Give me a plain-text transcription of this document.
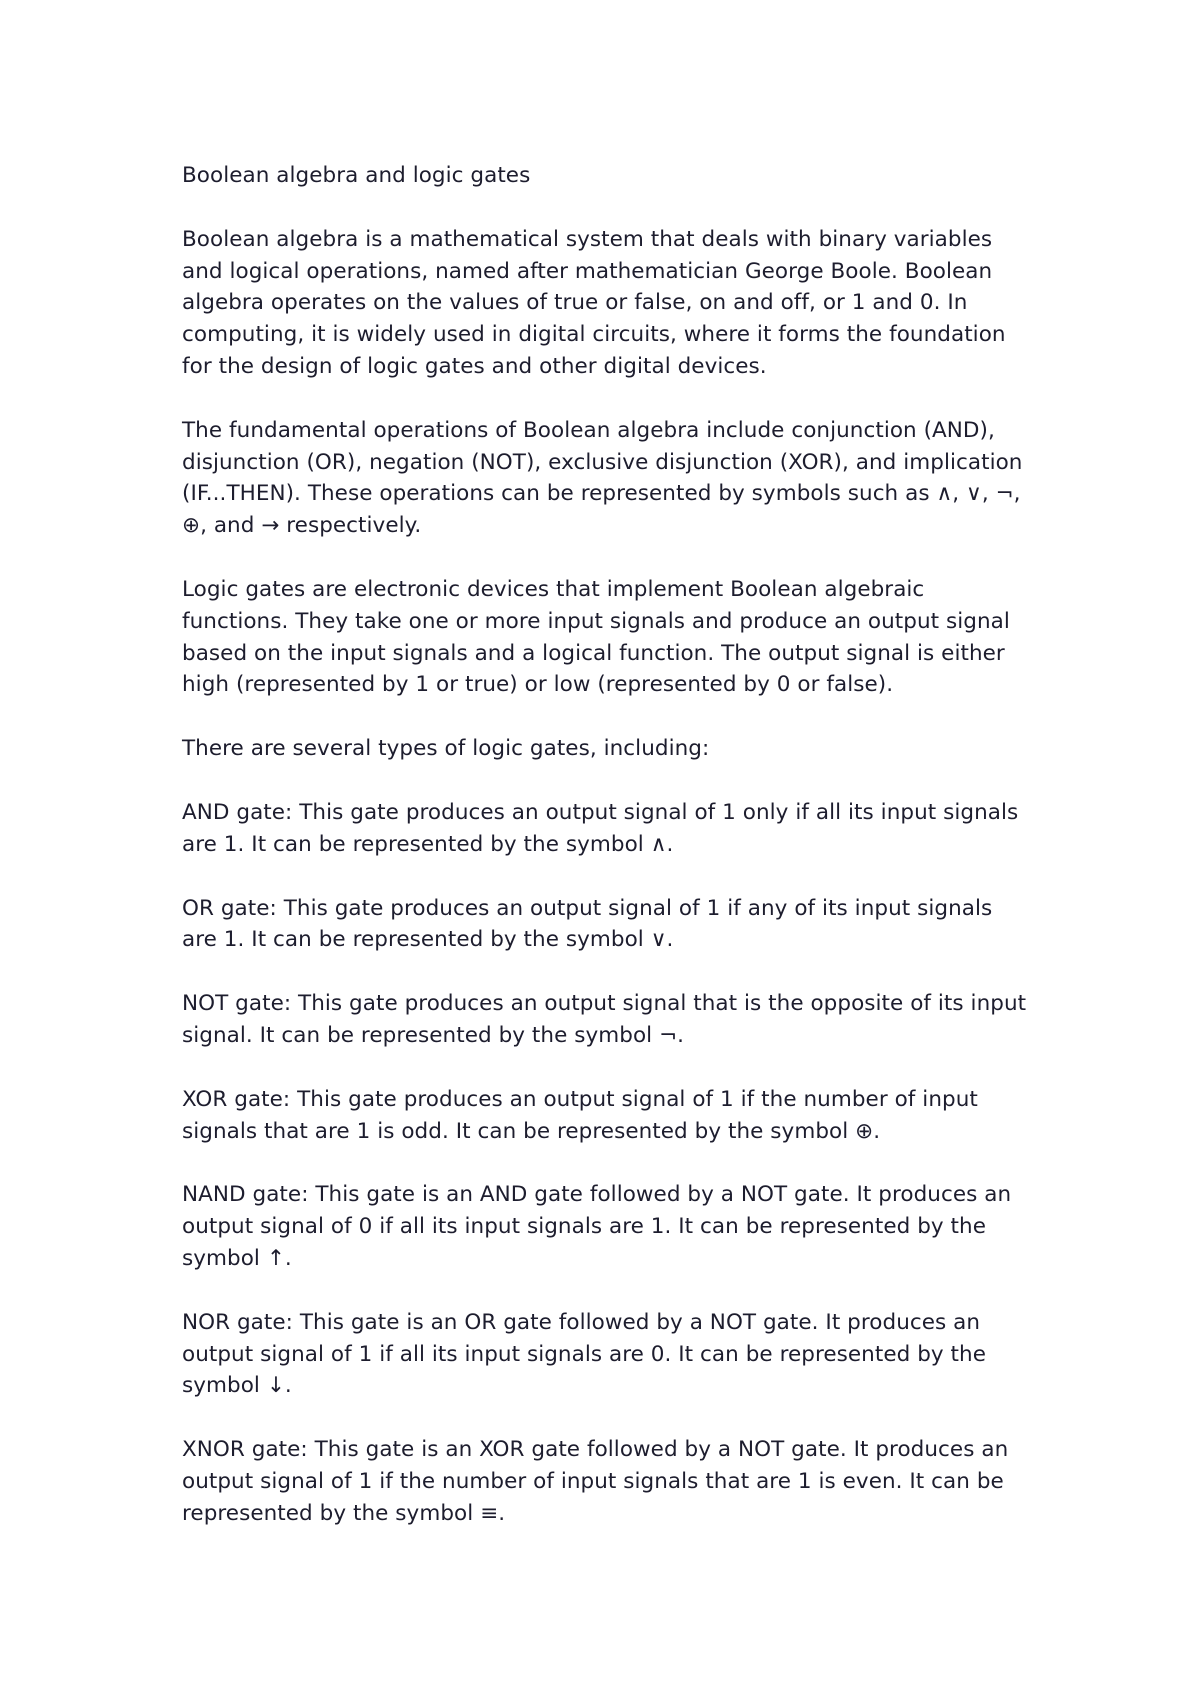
Boolean algebra and logic gates

Boolean algebra is a mathematical system that deals with binary variables and logical operations, named after mathematician George Boole. Boolean algebra operates on the values of true or false, on and off, or 1 and 0. In computing, it is widely used in digital circuits, where it forms the foundation for the design of logic gates and other digital devices.

The fundamental operations of Boolean algebra include conjunction (AND), disjunction (OR), negation (NOT), exclusive disjunction (XOR), and implication (IF...THEN). These operations can be represented by symbols such as ∧, ∨, ¬, ⊕, and → respectively.

Logic gates are electronic devices that implement Boolean algebraic functions. They take one or more input signals and produce an output signal based on the input signals and a logical function. The output signal is either high (represented by 1 or true) or low (represented by 0 or false).

There are several types of logic gates, including:

AND gate: This gate produces an output signal of 1 only if all its input signals are 1. It can be represented by the symbol ∧.

OR gate: This gate produces an output signal of 1 if any of its input signals are 1. It can be represented by the symbol ∨.

NOT gate: This gate produces an output signal that is the opposite of its input signal. It can be represented by the symbol ¬.

XOR gate: This gate produces an output signal of 1 if the number of input signals that are 1 is odd. It can be represented by the symbol ⊕.

NAND gate: This gate is an AND gate followed by a NOT gate. It produces an output signal of 0 if all its input signals are 1. It can be represented by the symbol ↑.

NOR gate: This gate is an OR gate followed by a NOT gate. It produces an output signal of 1 if all its input signals are 0. It can be represented by the symbol ↓.

XNOR gate: This gate is an XOR gate followed by a NOT gate. It produces an output signal of 1 if the number of input signals that are 1 is even. It can be represented by the symbol ≡.
